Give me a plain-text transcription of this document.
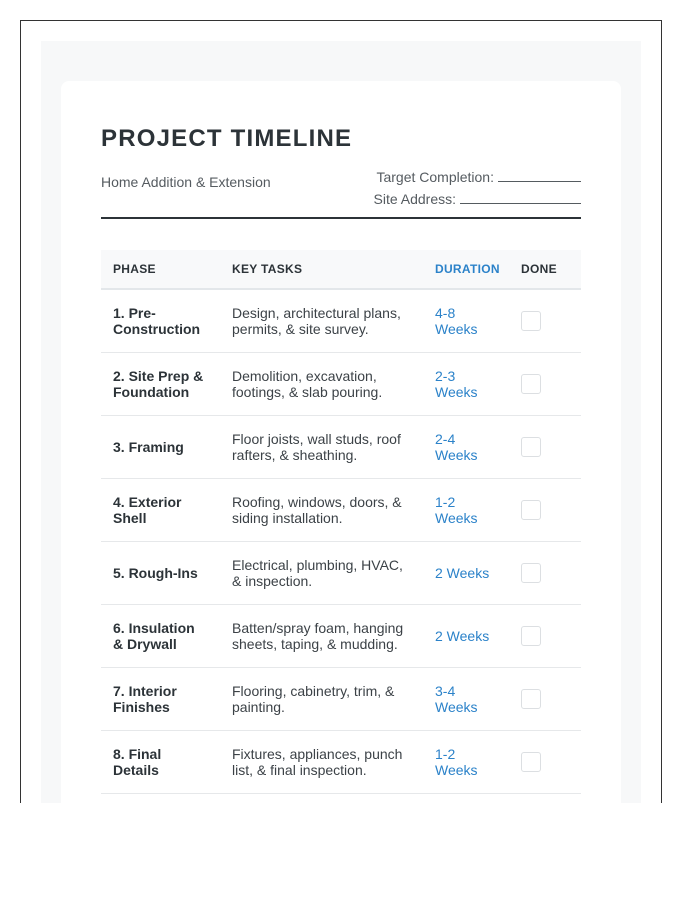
PROJECT TIMELINE
Home Addition & Extension	Target Completion:
Site Address:
PHASE	KEY TASKS	DURATION	DONE
1. Pre-Construction	Design, architectural plans, permits, & site survey.	4-8 Weeks	

2. Site Prep & Foundation	Demolition, excavation, footings, & slab pouring.	2-3 Weeks	

3. Framing	Floor joists, wall studs, roof rafters, & sheathing.	2-4 Weeks	

4. Exterior Shell	Roofing, windows, doors, & siding installation.	1-2 Weeks	

5. Rough-Ins	Electrical, plumbing, HVAC, & inspection.	2 Weeks	

6. Insulation & Drywall	Batten/spray foam, hanging sheets, taping, & mudding.	2 Weeks	

7. Interior Finishes	Flooring, cabinetry, trim, & painting.	3-4 Weeks	

8. Final Details	Fixtures, appliances, punch list, & final inspection.	1-2 Weeks	
